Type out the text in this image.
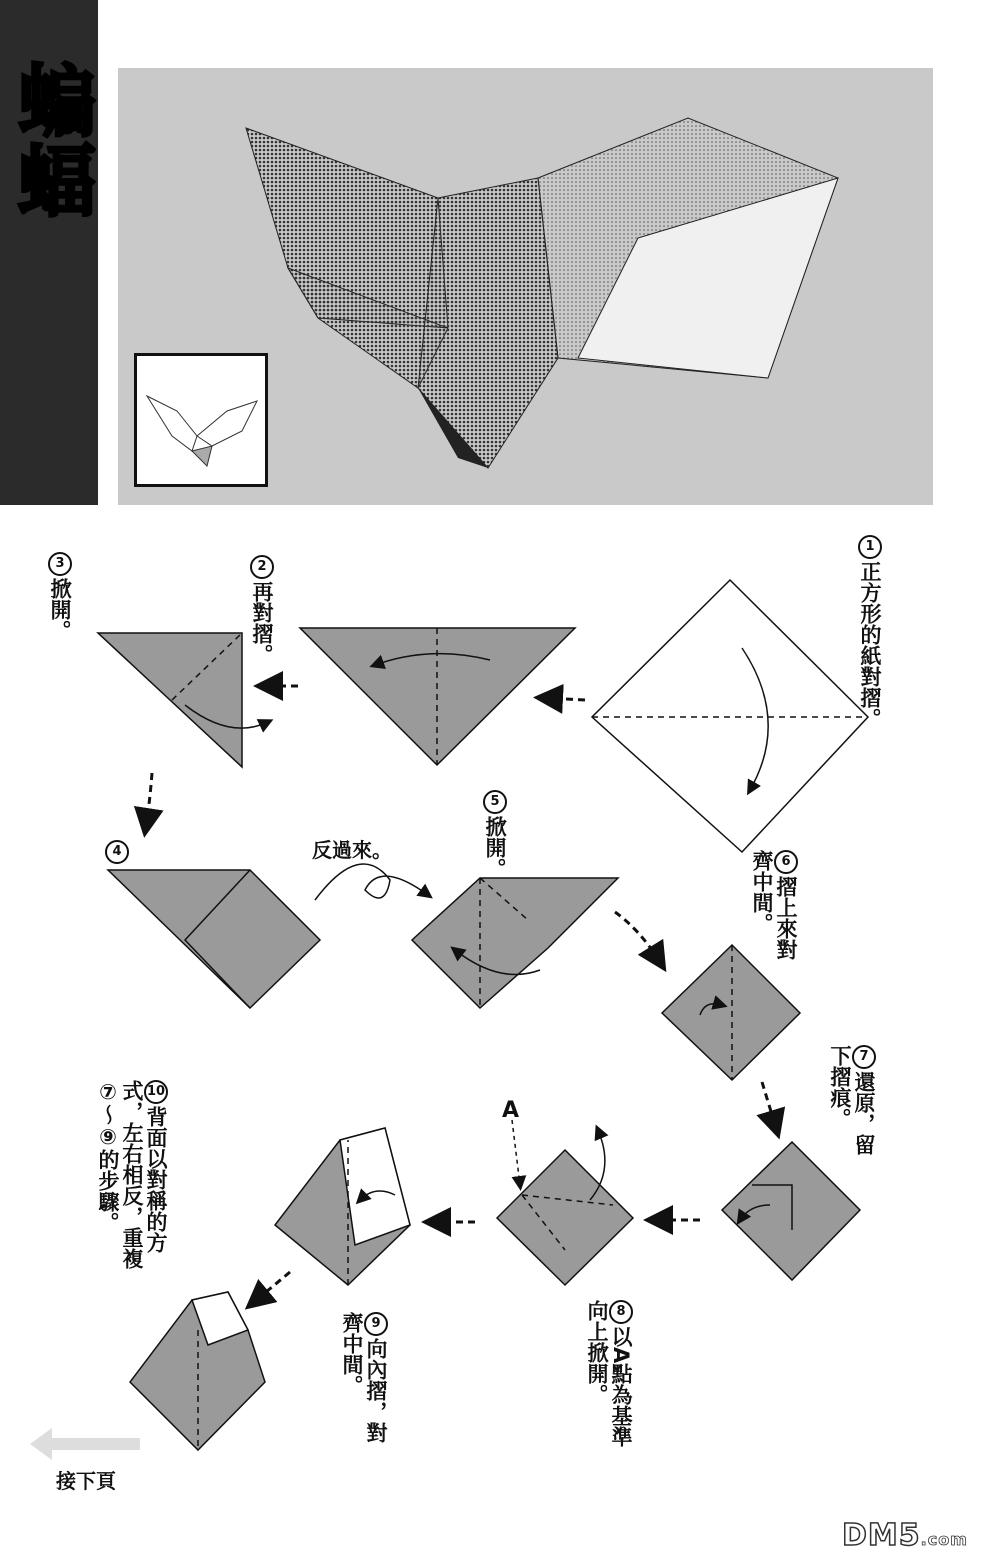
蝙蝠
1正方形的紙對摺。
2再對摺。
3掀開。
4
5掀開。	6摺上來對齊中間。
7還原，留下摺痕。
8以A點為基準向上掀開。
9向內摺，對齊中間。
10背面以對稱的方式，左右相反，重複⑦～⑨的步驟。
反過來。
A
接下頁
DM5.com
